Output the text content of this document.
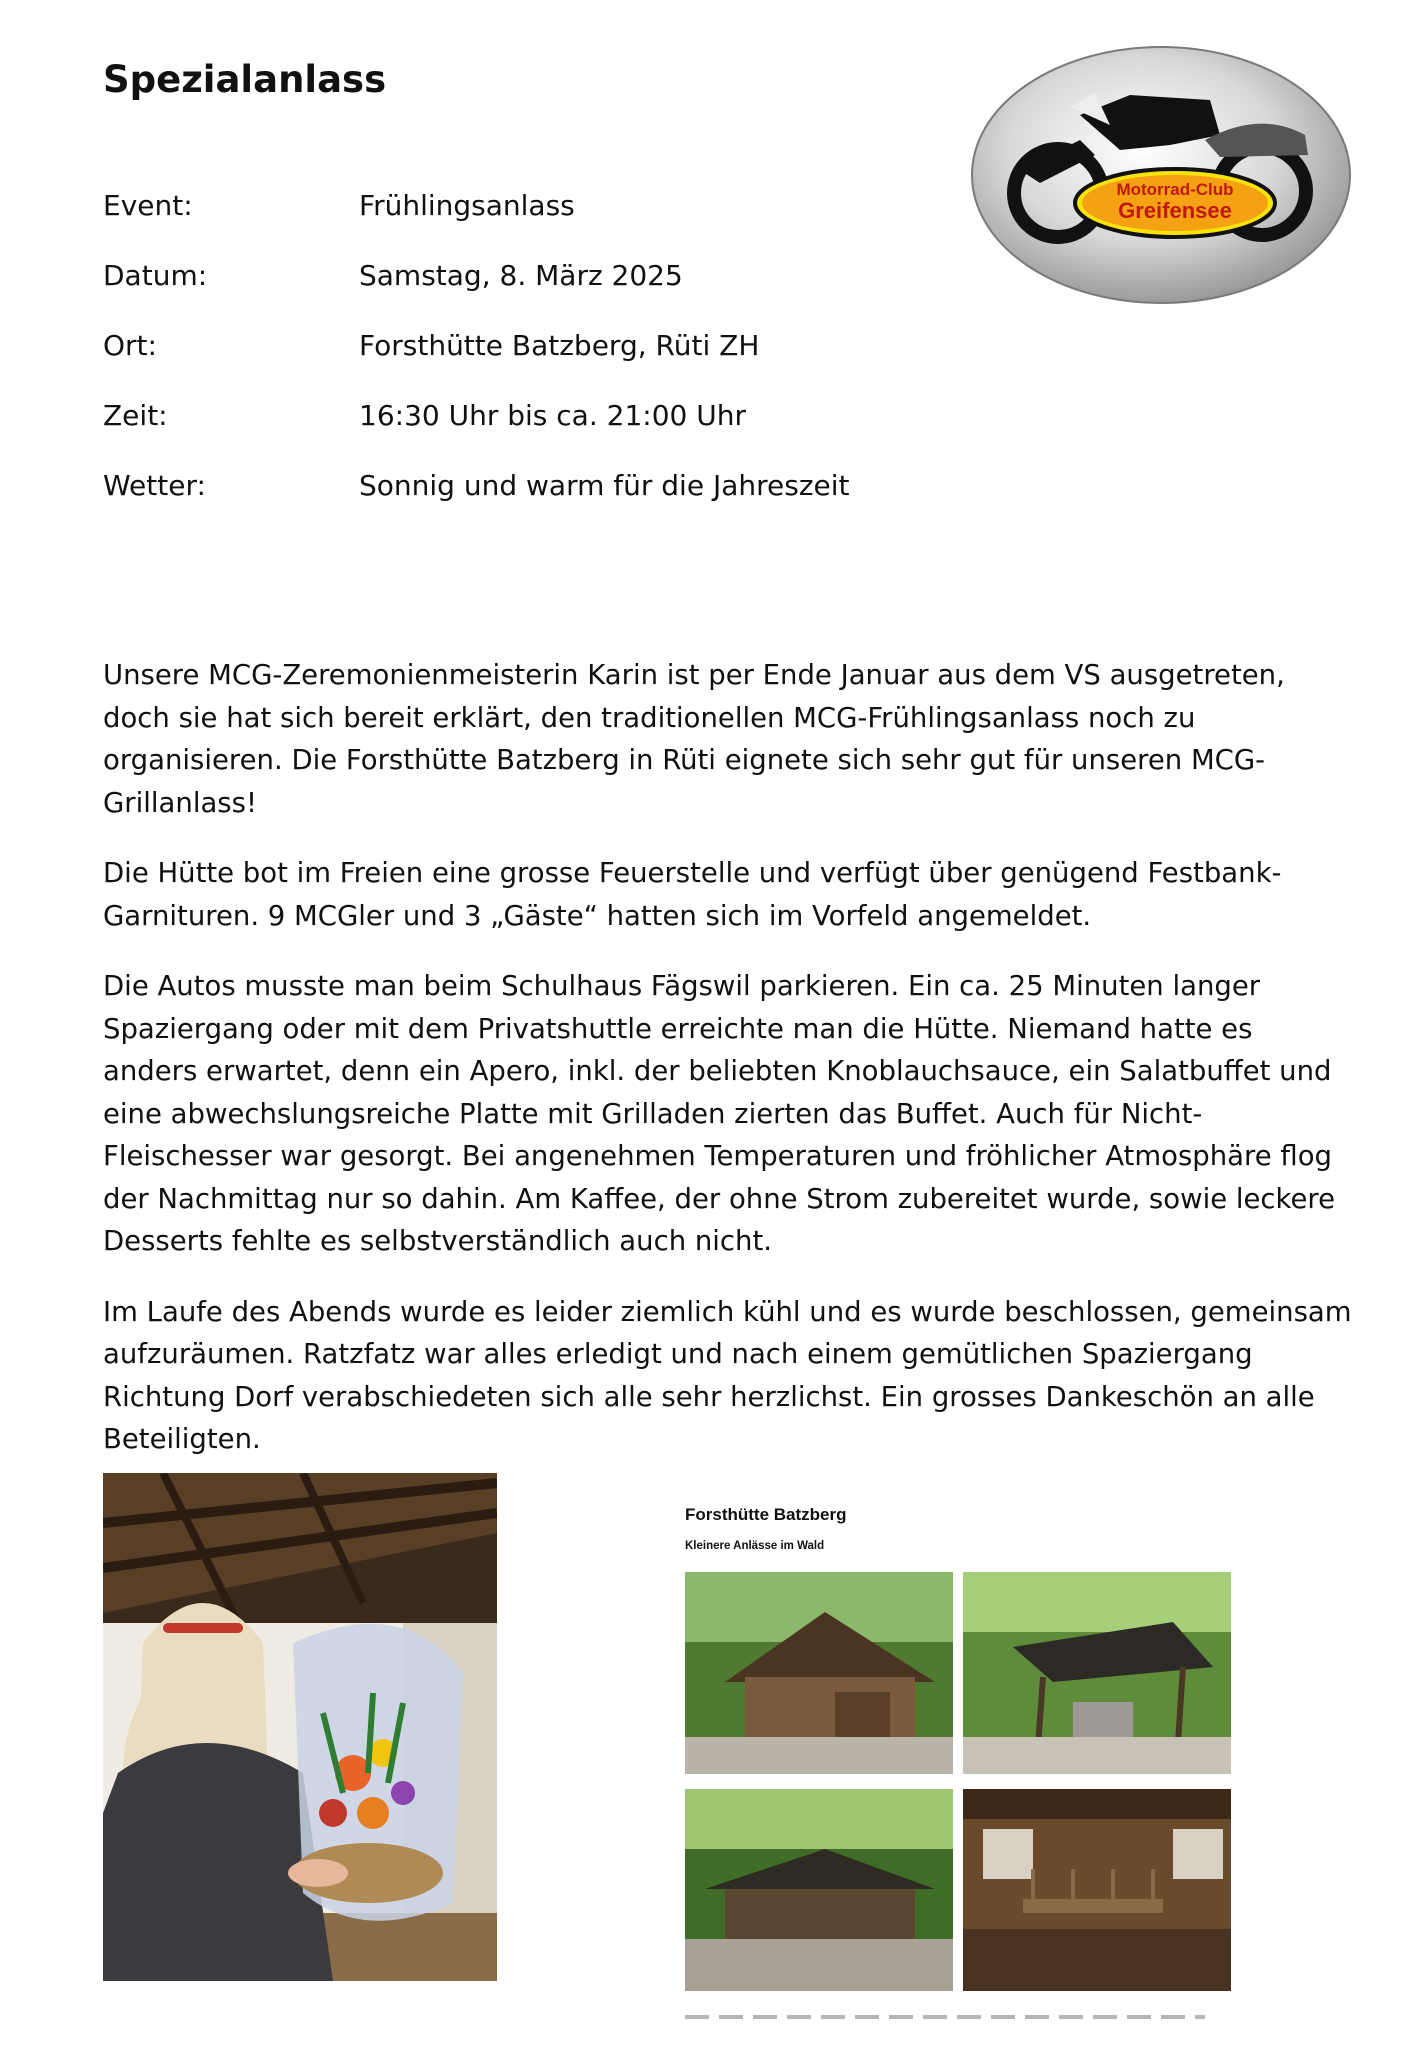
Spezialanlass
Motorrad-Club
Greifensee
Event:	Frühlingsanlass
Datum:	Samstag, 8. März 2025
Ort:	Forsthütte Batzberg, Rüti ZH
Zeit:	16:30 Uhr bis ca. 21:00 Uhr
Wetter:	Sonnig und warm für die Jahreszeit

Unsere MCG-Zeremonienmeisterin Karin ist per Ende Januar aus dem VS ausgetreten, doch sie hat sich bereit erklärt, den traditionellen MCG-Frühlingsanlass noch zu organisieren. Die Forsthütte Batzberg in Rüti eignete sich sehr gut für unseren MCG-Grillanlass!

Die Hütte bot im Freien eine grosse Feuerstelle und verfügt über genügend Festbank-Garnituren. 9 MCGler und 3 „Gäste“ hatten sich im Vorfeld angemeldet.

Die Autos musste man beim Schulhaus Fägswil parkieren. Ein ca. 25 Minuten langer Spaziergang oder mit dem Privatshuttle erreichte man die Hütte. Niemand hatte es anders erwartet, denn ein Apero, inkl. der beliebten Knoblauchsauce, ein Salatbuffet und eine abwechslungsreiche Platte mit Grilladen zierten das Buffet. Auch für Nicht-Fleischesser war gesorgt. Bei angenehmen Temperaturen und fröhlicher Atmosphäre flog der Nachmittag nur so dahin. Am Kaffee, der ohne Strom zubereitet wurde, sowie leckere Desserts fehlte es selbstverständlich auch nicht.

Im Laufe des Abends wurde es leider ziemlich kühl und es wurde beschlossen, gemeinsam aufzuräumen. Ratzfatz war alles erledigt und nach einem gemütlichen Spaziergang Richtung Dorf verabschiedeten sich alle sehr herzlichst. Ein grosses Dankeschön an alle Beteiligten.

Forsthütte Batzberg
Kleinere Anlässe im Wald
